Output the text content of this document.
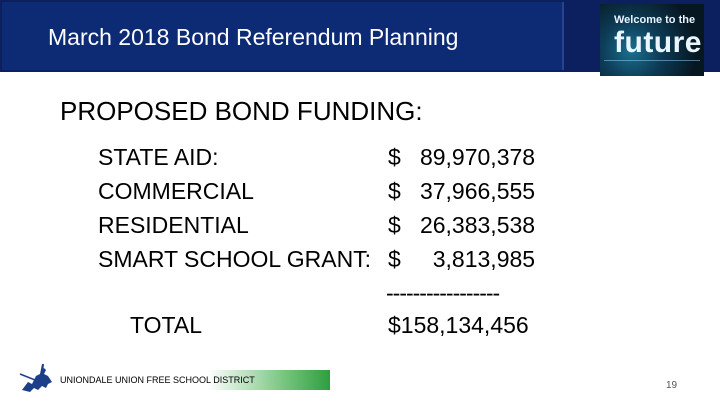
March 2018 Bond Referendum Planning
Welcome to the
future
PROPOSED BOND FUNDING:
STATE AID:	$   89,970,378
COMMERCIAL	$   37,966,555
RESIDENTIAL	$   26,383,538
SMART SCHOOL GRANT: $     3,813,985
-----------------
TOTAL	$158,134,456
UNIONDALE UNION FREE SCHOOL DISTRICT	19
